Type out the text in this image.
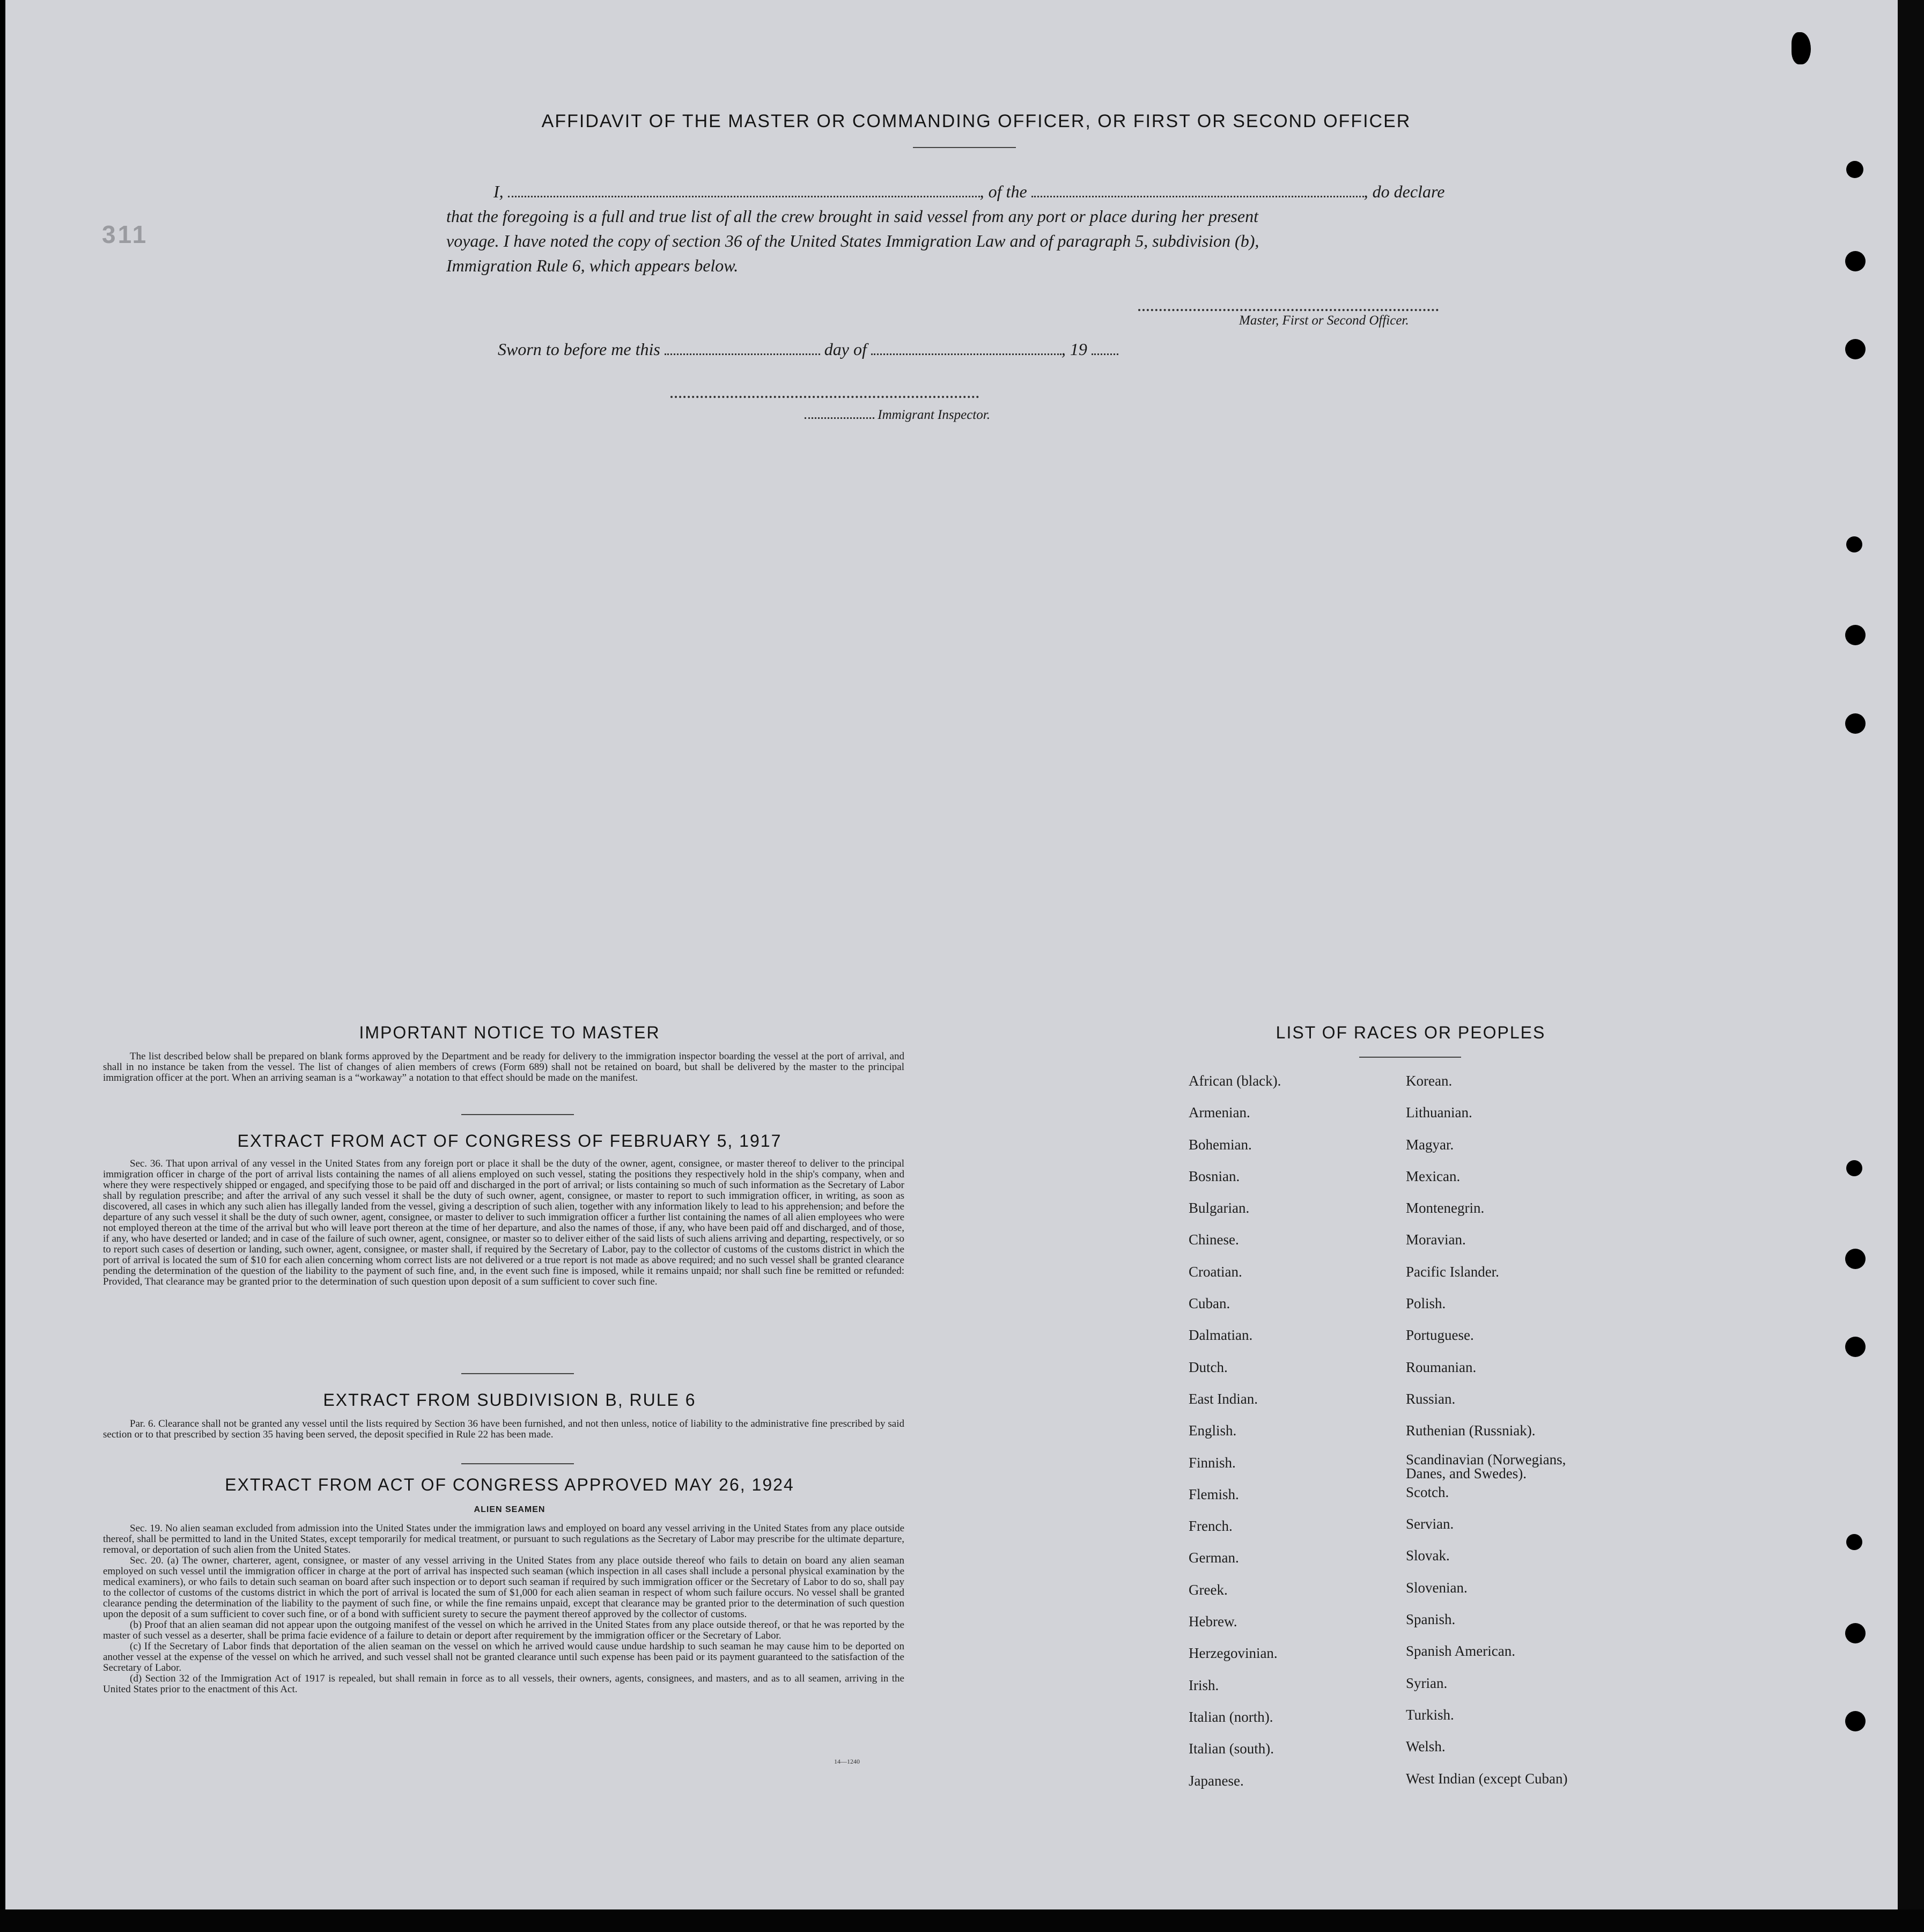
311
AFFIDAVIT OF THE MASTER OR COMMANDING OFFICER, OR FIRST OR SECOND OFFICER
I,	, of the	, do declare
that the foregoing is a full and true list of all the crew brought in said vessel from any port or place during her present
voyage. I have noted the copy of section 36 of the United States Immigration Law and of paragraph 5, subdivision (b),
Immigration Rule 6, which appears below.
Master, First or Second Officer.
Sworn to before me this	day of	, 19
Immigrant Inspector.
IMPORTANT NOTICE TO MASTER
The list described below shall be prepared on blank forms approved by the Department and be ready for delivery to the immigration inspector boarding the vessel at the port of arrival, and shall in no instance be taken from the vessel. The list of changes of alien members of crews (Form 689) shall not be retained on board, but shall be delivered by the master to the principal immigration officer at the port. When an arriving seaman is a “workaway” a notation to that effect should be made on the manifest.
EXTRACT FROM ACT OF CONGRESS OF FEBRUARY 5, 1917
Sec. 36. That upon arrival of any vessel in the United States from any foreign port or place it shall be the duty of the owner, agent, consignee, or master thereof to deliver to the principal immigration officer in charge of the port of arrival lists containing the names of all aliens employed on such vessel, stating the positions they respectively hold in the ship's company, when and where they were respectively shipped or engaged, and specifying those to be paid off and discharged in the port of arrival; or lists containing so much of such information as the Secretary of Labor shall by regulation prescribe; and after the arrival of any such vessel it shall be the duty of such owner, agent, consignee, or master to report to such immigration officer, in writing, as soon as discovered, all cases in which any such alien has illegally landed from the vessel, giving a description of such alien, together with any information likely to lead to his apprehension; and before the departure of any such vessel it shall be the duty of such owner, agent, consignee, or master to deliver to such immigration officer a further list containing the names of all alien employees who were not employed thereon at the time of the arrival but who will leave port thereon at the time of her departure, and also the names of those, if any, who have been paid off and discharged, and of those, if any, who have deserted or landed; and in case of the failure of such owner, agent, consignee, or master so to deliver either of the said lists of such aliens arriving and departing, respectively, or so to report such cases of desertion or landing, such owner, agent, consignee, or master shall, if required by the Secretary of Labor, pay to the collector of customs of the customs district in which the port of arrival is located the sum of $10 for each alien concerning whom correct lists are not delivered or a true report is not made as above required; and no such vessel shall be granted clearance pending the determination of the question of the liability to the payment of such fine, and, in the event such fine is imposed, while it remains unpaid; nor shall such fine be remitted or refunded: Provided, That clearance may be granted prior to the determination of such question upon deposit of a sum sufficient to cover such fine.
EXTRACT FROM SUBDIVISION B, RULE 6
Par. 6. Clearance shall not be granted any vessel until the lists required by Section 36 have been furnished, and not then unless, notice of liability to the administrative fine prescribed by said section or to that prescribed by section 35 having been served, the deposit specified in Rule 22 has been made.
EXTRACT FROM ACT OF CONGRESS APPROVED MAY 26, 1924
ALIEN SEAMEN
Sec. 19. No alien seaman excluded from admission into the United States under the immigration laws and employed on board any vessel arriving in the United States from any place outside thereof, shall be permitted to land in the United States, except temporarily for medical treatment, or pursuant to such regulations as the Secretary of Labor may prescribe for the ultimate departure, removal, or deportation of such alien from the United States.
Sec. 20. (a) The owner, charterer, agent, consignee, or master of any vessel arriving in the United States from any place outside thereof who fails to detain on board any alien seaman employed on such vessel until the immigration officer in charge at the port of arrival has inspected such seaman (which inspection in all cases shall include a personal physical examination by the medical examiners), or who fails to detain such seaman on board after such inspection or to deport such seaman if required by such immigration officer or the Secretary of Labor to do so, shall pay to the collector of customs of the customs district in which the port of arrival is located the sum of $1,000 for each alien seaman in respect of whom such failure occurs. No vessel shall be granted clearance pending the determination of the liability to the payment of such fine, or while the fine remains unpaid, except that clearance may be granted prior to the determination of such question upon the deposit of a sum sufficient to cover such fine, or of a bond with sufficient surety to secure the payment thereof approved by the collector of customs.
(b) Proof that an alien seaman did not appear upon the outgoing manifest of the vessel on which he arrived in the United States from any place outside thereof, or that he was reported by the master of such vessel as a deserter, shall be prima facie evidence of a failure to detain or deport after requirement by the immigration officer or the Secretary of Labor.
(c) If the Secretary of Labor finds that deportation of the alien seaman on the vessel on which he arrived would cause undue hardship to such seaman he may cause him to be deported on another vessel at the expense of the vessel on which he arrived, and such vessel shall not be granted clearance until such expense has been paid or its payment guaranteed to the satisfaction of the Secretary of Labor.
(d) Section 32 of the Immigration Act of 1917 is repealed, but shall remain in force as to all vessels, their owners, agents, consignees, and masters, and as to all seamen, arriving in the United States prior to the enactment of this Act.
14—1240
LIST OF RACES OR PEOPLES
African (black).
Armenian.
Bohemian.
Bosnian.
Bulgarian.
Chinese.
Croatian.
Cuban.
Dalmatian.
Dutch.
East Indian.
English.
Finnish.
Flemish.
French.
German.
Greek.
Hebrew.
Herzegovinian.
Irish.
Italian (north).
Italian (south).
Japanese.
Korean.
Lithuanian.
Magyar.
Mexican.
Montenegrin.
Moravian.
Pacific Islander.
Polish.
Portuguese.
Roumanian.
Russian.
Ruthenian (Russniak).
Scandinavian (Norwegians,
Danes, and Swedes).
Scotch.
Servian.
Slovak.
Slovenian.
Spanish.
Spanish American.
Syrian.
Turkish.
Welsh.
West Indian (except Cuban)
